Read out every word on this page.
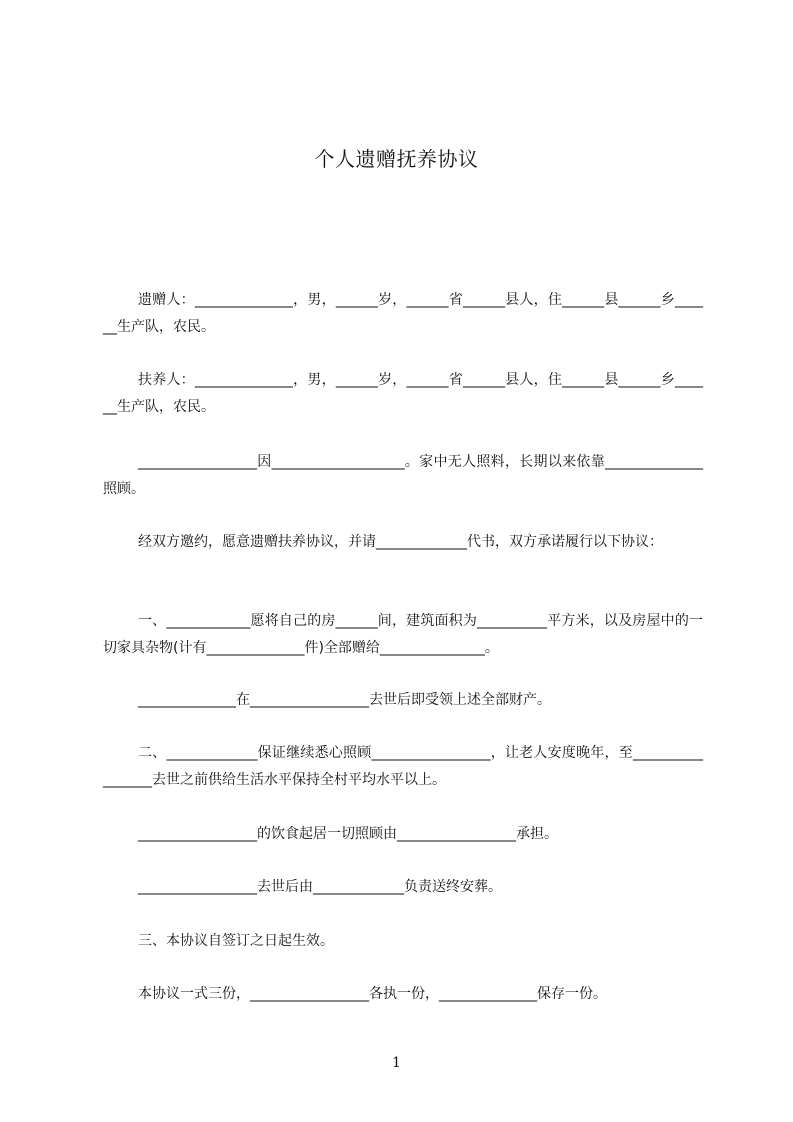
个人遗赠抚养协议
遗赠人：______________，男，______岁，______省______县人，住______县______乡______生产队，农民。
扶养人：______________，男，______岁，______省______县人，住______县______乡______生产队，农民。
_________________因___________________。家中无人照料，长期以来依靠______________照顾。
经双方邀约，愿意遗赠扶养协议，并请_____________代书，双方承诺履行以下协议：
一、____________愿将自己的房______间，建筑面积为__________平方米，以及房屋中的一切家具杂物(计有______________件)全部赠给_______________。
______________在_________________去世后即受领上述全部财产。
二、_____________保证继续悉心照顾_________________，让老人安度晚年，至_________________去世之前供给生活水平保持全村平均水平以上。
_________________的饮食起居一切照顾由_________________承担。
_________________去世后由_____________负责送终安葬。
三、本协议自签订之日起生效。
本协议一式三份，_________________各执一份，______________保存一份。
1
